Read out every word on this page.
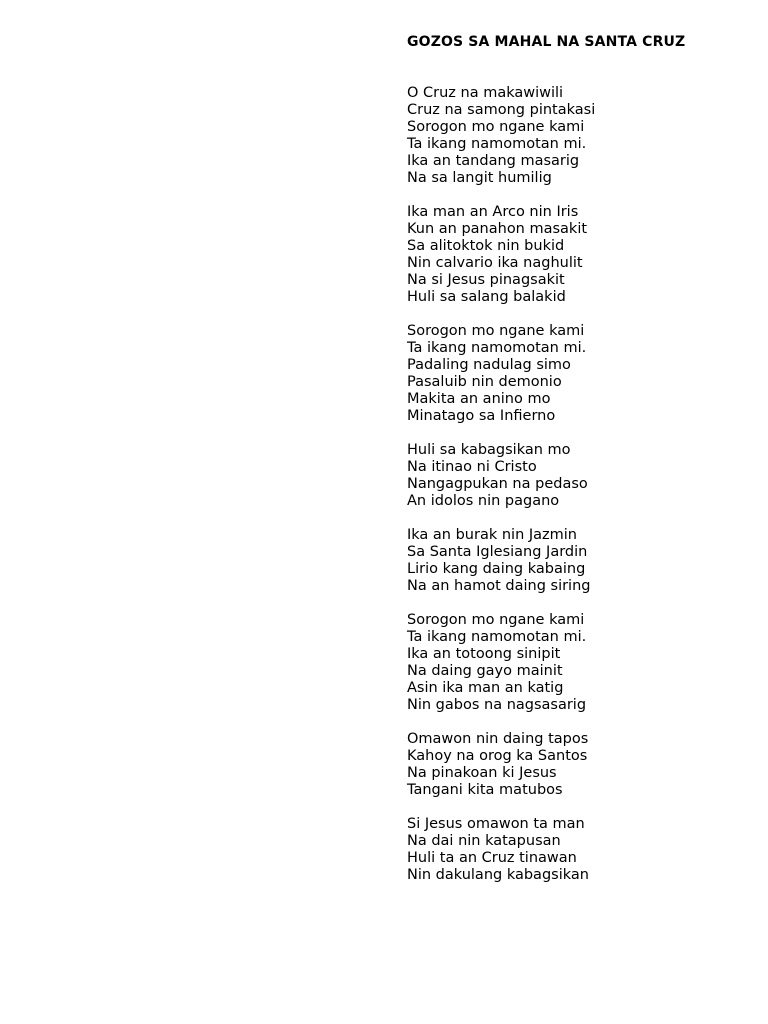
GOZOS SA MAHAL NA SANTA CRUZ
O Cruz na makawiwili
Cruz na samong pintakasi
Sorogon mo ngane kami
Ta ikang namomotan mi.
Ika an tandang masarig
Na sa langit humilig
Ika man an Arco nin Iris
Kun an panahon masakit
Sa alitoktok nin bukid
Nin calvario ika naghulit
Na si Jesus pinagsakit
Huli sa salang balakid
Sorogon mo ngane kami
Ta ikang namomotan mi.
Padaling nadulag simo
Pasaluib nin demonio
Makita an anino mo
Minatago sa Infierno
Huli sa kabagsikan mo
Na itinao ni Cristo
Nangagpukan na pedaso
An idolos nin pagano
Ika an burak nin Jazmin
Sa Santa Iglesiang Jardin
Lirio kang daing kabaing
Na an hamot daing siring
Sorogon mo ngane kami
Ta ikang namomotan mi.
Ika an totoong sinipit
Na daing gayo mainit
Asin ika man an katig
Nin gabos na nagsasarig
Omawon nin daing tapos
Kahoy na orog ka Santos
Na pinakoan ki Jesus
Tangani kita matubos
Si Jesus omawon ta man
Na dai nin katapusan
Huli ta an Cruz tinawan
Nin dakulang kabagsikan
